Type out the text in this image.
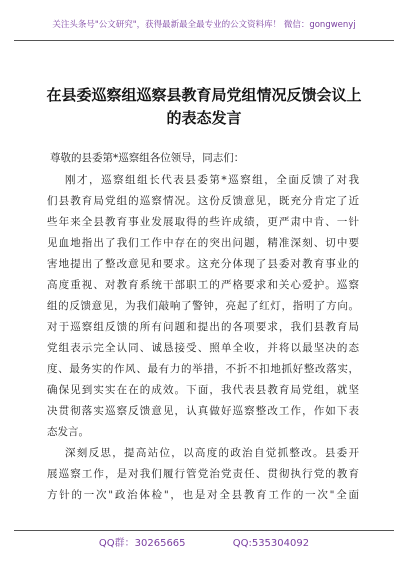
关注头条号"公文研究"，获得最新最全最专业的公文资料库！ 微信：gongwenyj
在县委巡察组巡察县教育局党组情况反馈会议上
的表态发言
尊敬的县委第*巡察组各位领导，同志们：
刚才，巡察组组长代表县委第*巡察组，全面反馈了对我
们县教育局党组的巡察情况。这份反馈意见，既充分肯定了近
些年来全县教育事业发展取得的些许成绩，更严肃中肯、一针
见血地指出了我们工作中存在的突出问题，精准深刻、切中要
害地提出了整改意见和要求。这充分体现了县委对教育事业的
高度重视、对教育系统干部职工的严格要求和关心爱护。巡察
组的反馈意见，为我们敲响了警钟，亮起了红灯，指明了方向。
对于巡察组反馈的所有问题和提出的各项要求，我们县教育局
党组表示完全认同、诚恳接受、照单全收，并将以最坚决的态
度、最务实的作风、最有力的举措，不折不扣地抓好整改落实，
确保见到实实在在的成效。下面，我代表县教育局党组，就坚
决贯彻落实巡察反馈意见，认真做好巡察整改工作，作如下表
态发言。
深刻反思，提高站位，以高度的政治自觉抓整改。县委开
展巡察工作，是对我们履行管党治党责任、贯彻执行党的教育
方针的一次"政治体检"，也是对全县教育工作的一次"全面
QQ群：30265665	QQ:535304092
